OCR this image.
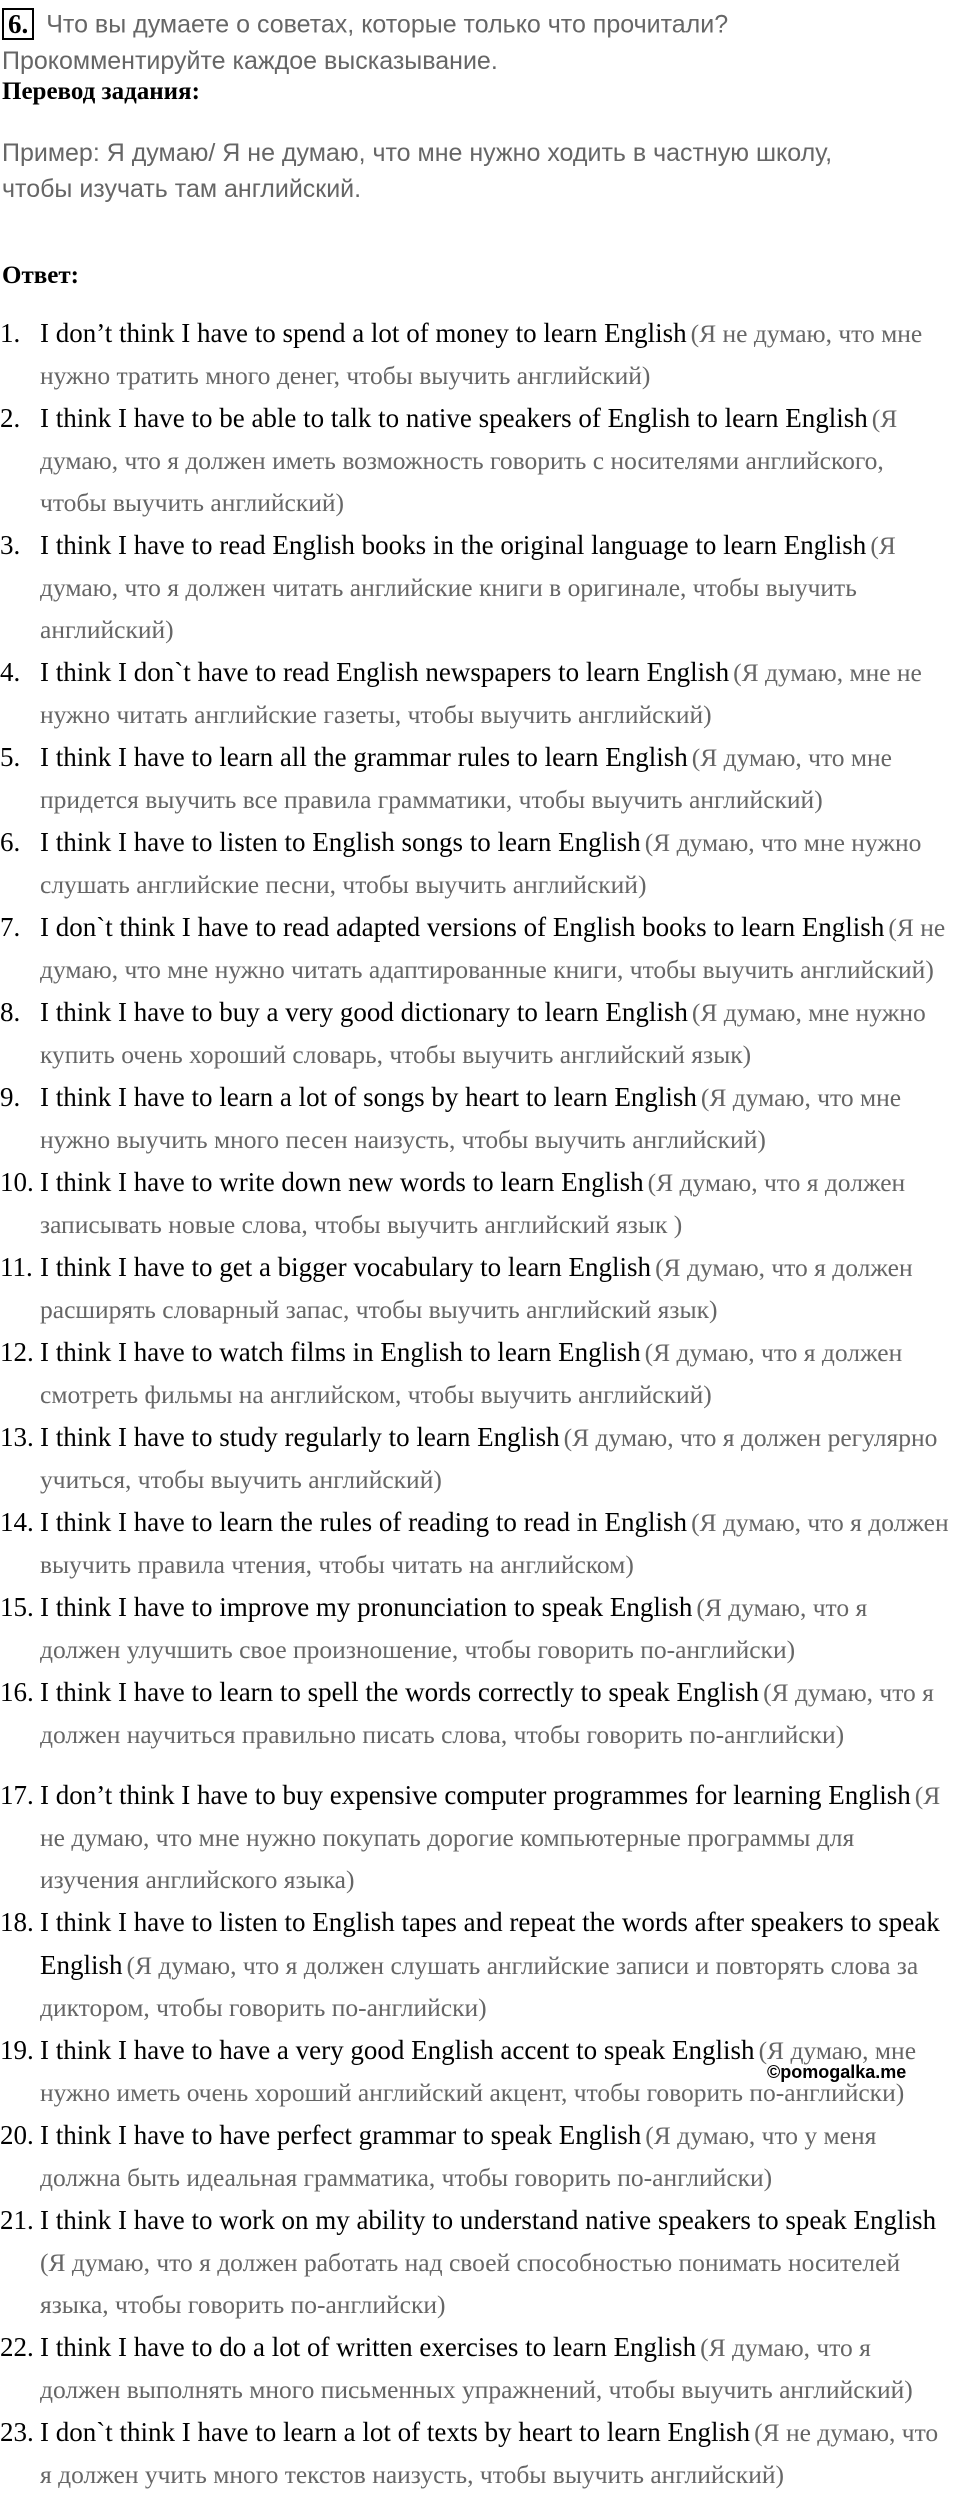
6. Что вы думаете о советах, которые только что прочитали?
Прокомментируйте каждое высказывание.
Перевод задания:
Пример: Я думаю/ Я не думаю, что мне нужно ходить в частную школу,
чтобы изучать там английский.
Ответ:
1. I don’t think I have to spend a lot of money to learn English (Я не думаю, что мне нужно тратить много денег, чтобы выучить английский)
2. I think I have to be able to talk to native speakers of English to learn English (Я думаю, что я должен иметь возможность говорить с носителями английского, чтобы выучить английский)
3. I think I have to read English books in the original language to learn English (Я думаю, что я должен читать английские книги в оригинале, чтобы выучить английский)
4. I think I don`t have to read English newspapers to learn English (Я думаю, мне не нужно читать английские газеты, чтобы выучить английский)
5. I think I have to learn all the grammar rules to learn English (Я думаю, что мне придется выучить все правила грамматики, чтобы выучить английский)
6. I think I have to listen to English songs to learn English (Я думаю, что мне нужно слушать английские песни, чтобы выучить английский)
7. I don`t think I have to read adapted versions of English books to learn English (Я не думаю, что мне нужно читать адаптированные книги, чтобы выучить английский)
8. I think I have to buy a very good dictionary to learn English (Я думаю, мне нужно купить очень хороший словарь, чтобы выучить английский язык)
9. I think I have to learn a lot of songs by heart to learn English (Я думаю, что мне нужно выучить много песен наизусть, чтобы выучить английский)
10. I think I have to write down new words to learn English (Я думаю, что я должен записывать новые слова, чтобы выучить английский язык )
11. I think I have to get a bigger vocabulary to learn English (Я думаю, что я должен расширять словарный запас, чтобы выучить английский язык)
12. I think I have to watch films in English to learn English (Я думаю, что я должен смотреть фильмы на английском, чтобы выучить английский)
13. I think I have to study regularly to learn English (Я думаю, что я должен регулярно учиться, чтобы выучить английский)
14. I think I have to learn the rules of reading to read in English (Я думаю, что я должен выучить правила чтения, чтобы читать на английском)
15. I think I have to improve my pronunciation to speak English (Я думаю, что я должен улучшить свое произношение, чтобы говорить по-английски)
16. I think I have to learn to spell the words correctly to speak English (Я думаю, что я должен научиться правильно писать слова, чтобы говорить по-английски)
17. I don’t think I have to buy expensive computer programmes for learning English (Я не думаю, что мне нужно покупать дорогие компьютерные программы для изучения английского языка)
18. I think I have to listen to English tapes and repeat the words after speakers to speak English (Я думаю, что я должен слушать английские записи и повторять слова за диктором, чтобы говорить по-английски)
19. I think I have to have a very good English accent to speak English (Я думаю, мне нужно иметь очень хороший английский акцент, чтобы говорить по-английски)
20. I think I have to have perfect grammar to speak English (Я думаю, что у меня должна быть идеальная грамматика, чтобы говорить по-английски)
21. I think I have to work on my ability to understand native speakers to speak English (Я думаю, что я должен работать над своей способностью понимать носителей языка, чтобы говорить по-английски)
22. I think I have to do a lot of written exercises to learn English (Я думаю, что я должен выполнять много письменных упражнений, чтобы выучить английский)
23. I don`t think I have to learn a lot of texts by heart to learn English (Я не думаю, что я должен учить много текстов наизусть, чтобы выучить английский)
©pomogalka.me
